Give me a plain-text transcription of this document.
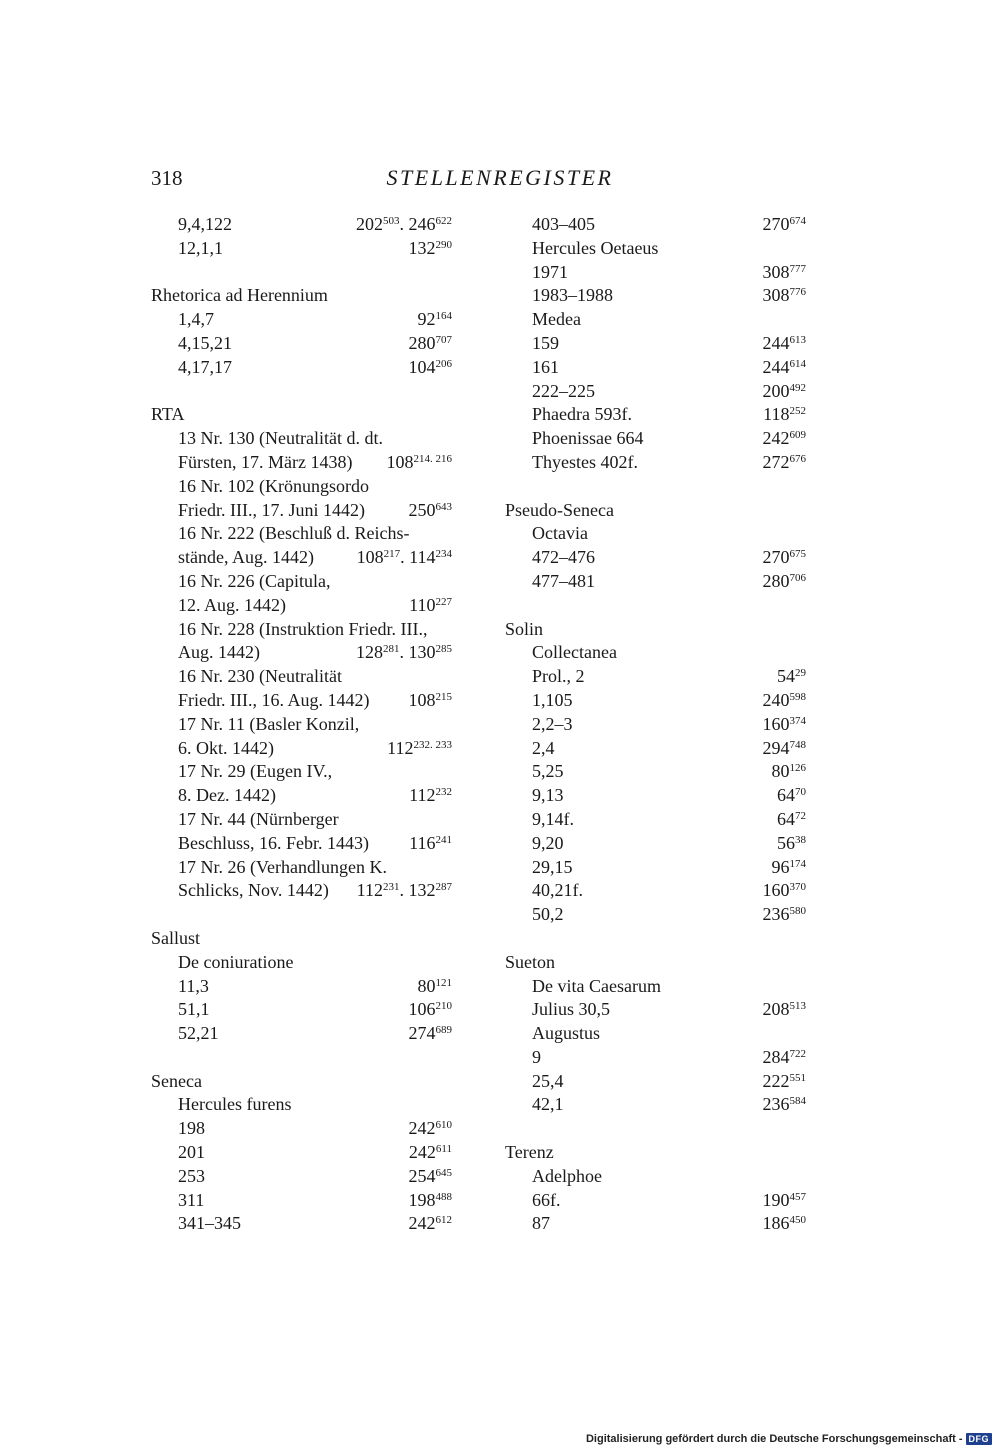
318	STELLENREGISTER
9,4,122	$202^{503}$. $246^{622}$
12,1,1	$132^{290}$
Rhetorica ad Herennium
1,4,7	$92^{164}$
4,15,21	$280^{707}$
4,17,17	$104^{206}$
RTA
13 Nr. 130 (Neutralität d. dt.
Fürsten, 17. März 1438) $108^{214. 216}$
16 Nr. 102 (Krönungsordo
Friedr. III., 17. Juni 1442) $250^{643}$
16 Nr. 222 (Beschluß d. Reichs-
stände, Aug. 1442) $108^{217}$. $114^{234}$
16 Nr. 226 (Capitula,
12. Aug. 1442)	$110^{227}$
16 Nr. 228 (Instruktion Friedr. III.,
Aug. 1442)	$128^{281}$. $130^{285}$
16 Nr. 230 (Neutralität
Friedr. III., 16. Aug. 1442) $108^{215}$
17 Nr. 11 (Basler Konzil,
6. Okt. 1442)	$112^{232. 233}$
17 Nr. 29 (Eugen IV.,
8. Dez. 1442)	$112^{232}$
17 Nr. 44 (Nürnberger
Beschluss, 16. Febr. 1443) $116^{241}$
17 Nr. 26 (Verhandlungen K.
Schlicks, Nov. 1442) $112^{231}$. $132^{287}$
Sallust
De coniuratione
11,3	$80^{121}$
51,1	$106^{210}$
52,21	$274^{689}$
Seneca
Hercules furens
198	$242^{610}$
201	$242^{611}$
253	$254^{645}$
311	$198^{488}$
341–345	$242^{612}$
403–405	$270^{674}$
Hercules Oetaeus
1971	$308^{777}$
1983–1988	$308^{776}$
Medea
159	$244^{613}$
161	$244^{614}$
222–225	$200^{492}$
Phaedra 593f.	$118^{252}$
Phoenissae 664	$242^{609}$
Thyestes 402f.	$272^{676}$
Pseudo-Seneca
Octavia
472–476	$270^{675}$
477–481	$280^{706}$
Solin
Collectanea
Prol., 2	$54^{29}$
1,105	$240^{598}$
2,2–3	$160^{374}$
2,4	$294^{748}$
5,25	$80^{126}$
9,13	$64^{70}$
9,14f.	$64^{72}$
9,20	$56^{38}$
29,15	$96^{174}$
40,21f.	$160^{370}$
50,2	$236^{580}$
Sueton
De vita Caesarum
Julius 30,5	$208^{513}$
Augustus
9	$284^{722}$
25,4	$222^{551}$
42,1	$236^{584}$
Terenz
Adelphoe
66f.	$190^{457}$
87	$186^{450}$
Digitalisierung gefördert durch die Deutsche Forschungsgemeinschaft - DFG
